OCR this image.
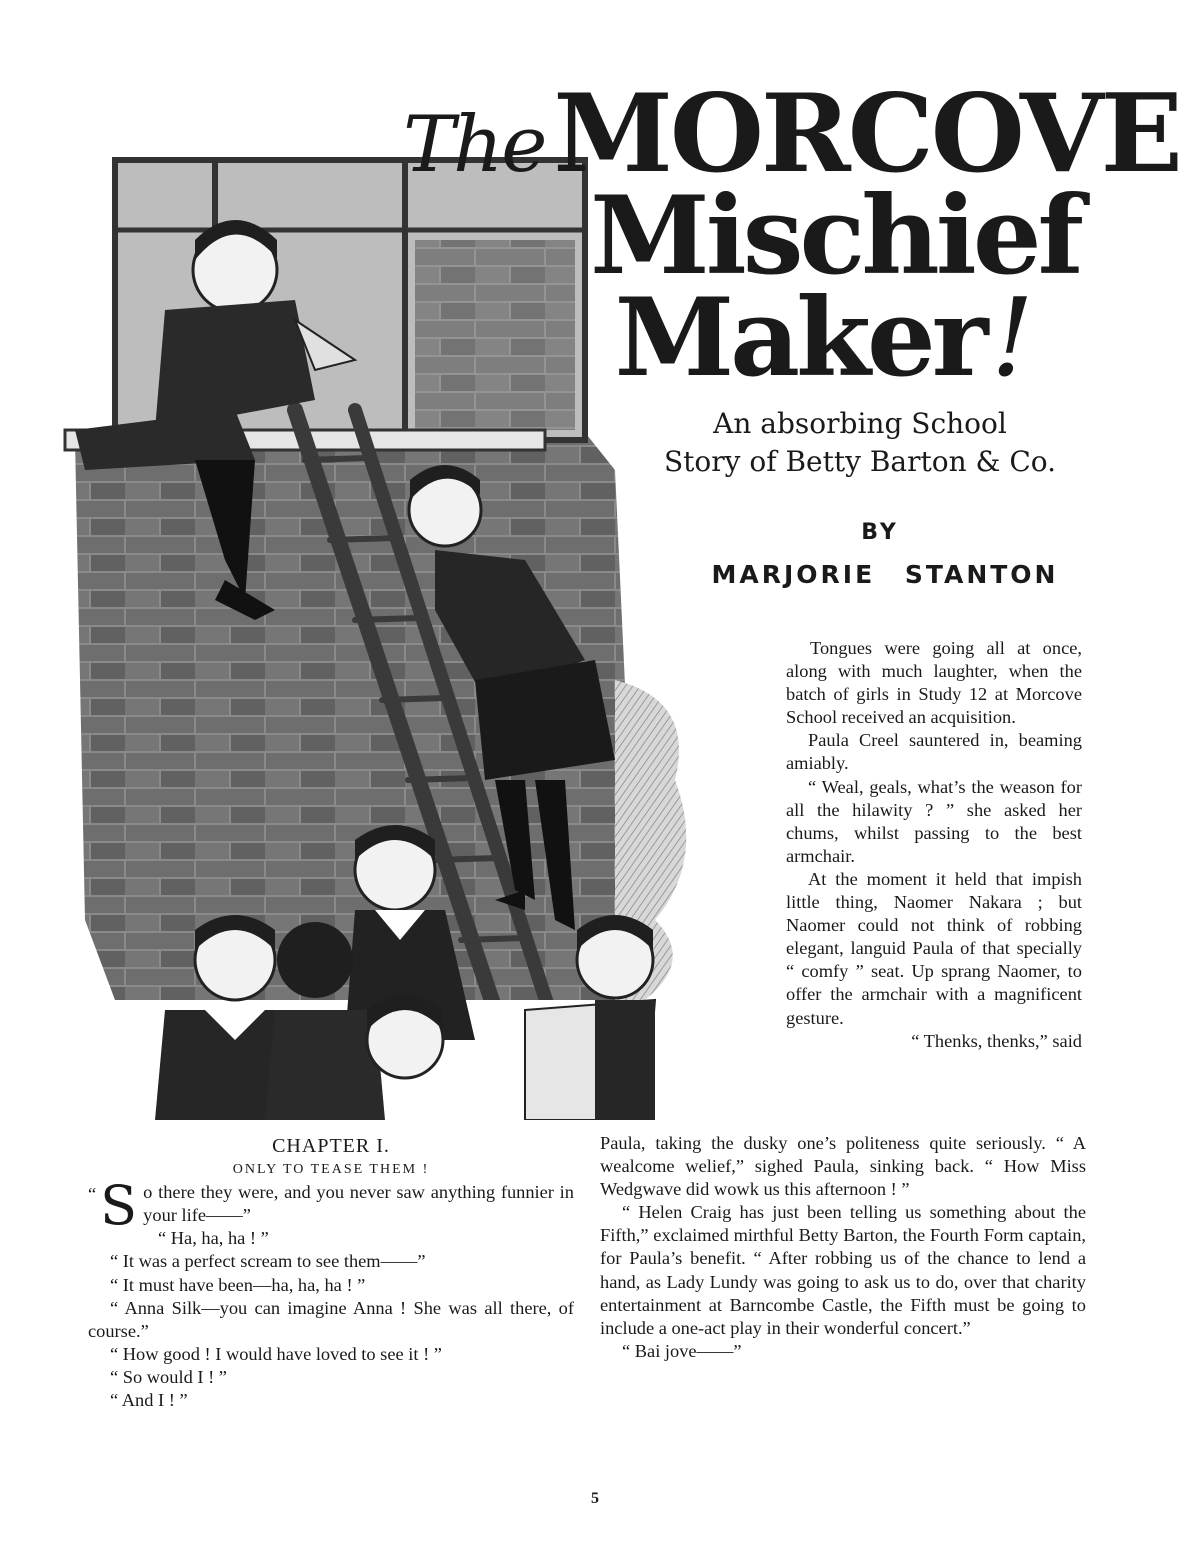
TheMORCOVE
Mischief
Maker!
An absorbing School
Story of Betty Barton & Co.
BY
MARJORIE STANTON

Tongues were going all at once, along with much laughter, when the batch of girls in Study 12 at Morcove School received an acquisition.

Paula Creel sauntered in, beaming amiably.

“ Weal, geals, what’s the weason for all the hilawity ? ” she asked her chums, whilst passing to the best armchair.

At the moment it held that impish little thing, Naomer Nakara ; but Naomer could not think of robbing elegant, languid Paula of that specially “ comfy ” seat. Up sprang Naomer, to offer the armchair with a magnificent gesture.

“ Thenks, thenks,” said

Paula, taking the dusky one’s politeness quite seriously. “ A wealcome welief,” sighed Paula, sinking back. “ How Miss Wedgwave did wowk us this afternoon ! ”

“ Helen Craig has just been telling us something about the Fifth,” exclaimed mirthful Betty Barton, the Fourth Form captain, for Paula’s benefit. “ After robbing us of the chance to lend a hand, as Lady Lundy was going to ask us to do, over that charity entertainment at Barncombe Castle, the Fifth must be going to include a one-act play in their wonderful concert.”

“ Bai jove——”

CHAPTER I.

ONLY TO TEASE THEM !

“ S o there they were, and you never saw anything funnier in your life——”

“ Ha, ha, ha ! ”

“ It was a perfect scream to see them——”

“ It must have been—ha, ha, ha ! ”

“ Anna Silk—you can imagine Anna ! She was all there, of course.”

“ How good ! I would have loved to see it ! ”

“ So would I ! ”

“ And I ! ”

5
